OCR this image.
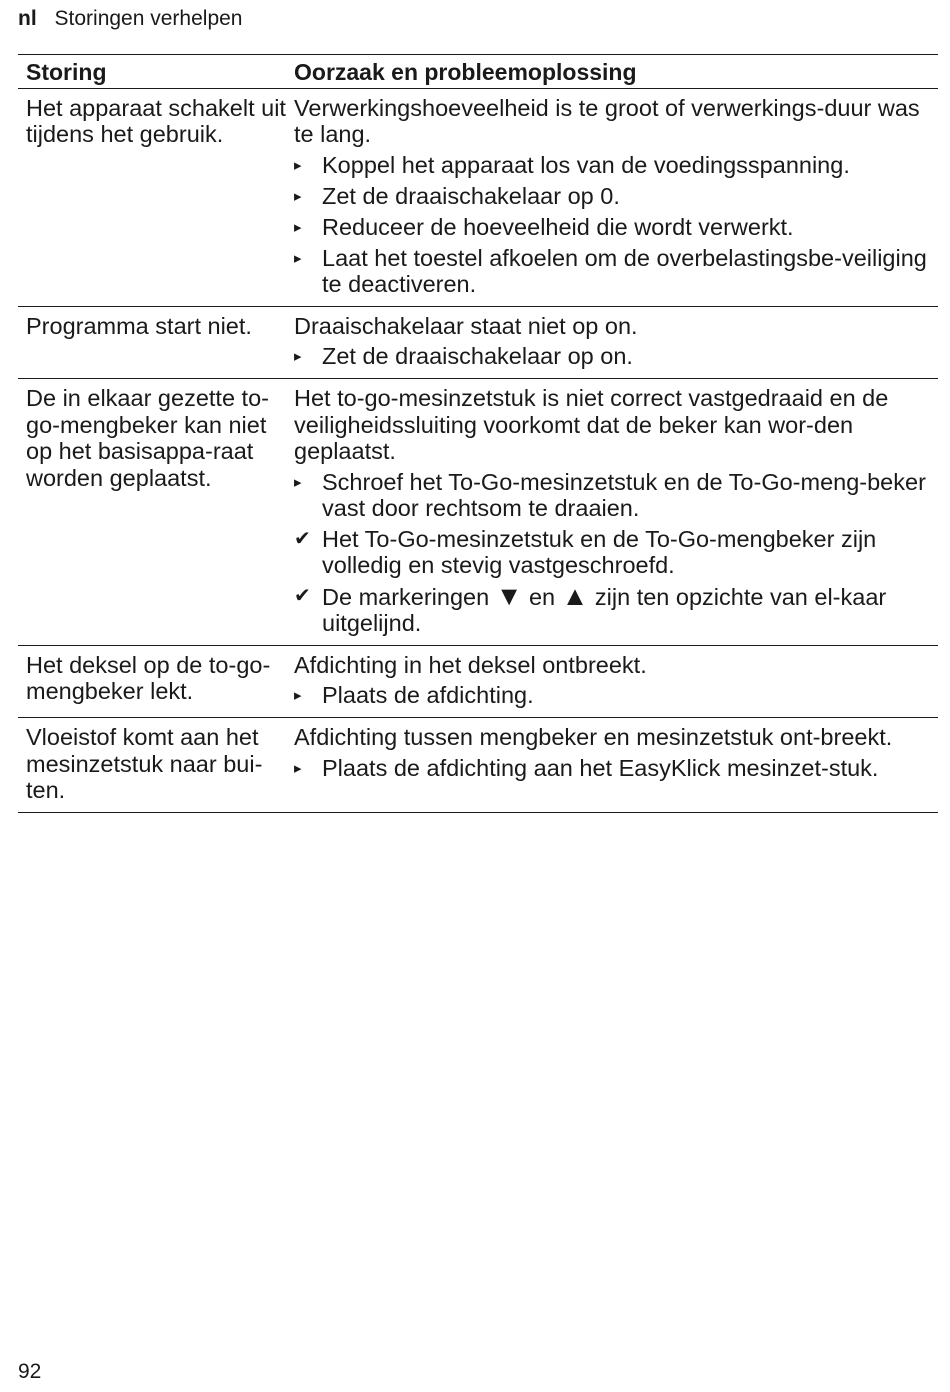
nl Storingen verhelpen
Storing	Oorzaak en probleemoplossing
Het apparaat schakelt uit tijdens het gebruik.
Verwerkingshoeveelheid is te groot of verwerkings-duur was te lang.
▸ Koppel het apparaat los van de voedingsspanning.
▸ Zet de draaischakelaar op 0.
▸ Reduceer de hoeveelheid die wordt verwerkt.
▸ Laat het toestel afkoelen om de overbelastingsbe-veiliging te deactiveren.
Programma start niet.	Draaischakelaar staat niet op on.
▸ Zet de draaischakelaar op on.
De in elkaar gezette to-go-mengbeker kan niet op het basisappa-raat worden geplaatst.
Het to-go-mesinzetstuk is niet correct vastgedraaid en de veiligheidssluiting voorkomt dat de beker kan wor-den geplaatst.
▸ Schroef het To-Go-mesinzetstuk en de To-Go-meng-beker vast door rechtsom te draaien.
✔ Het To-Go-mesinzetstuk en de To-Go-mengbeker zijn volledig en stevig vastgeschroefd.
✔ De markeringen ▼ en ▲ zijn ten opzichte van el-kaar uitgelijnd.
Het deksel op de to-go-mengbeker lekt.
Afdichting in het deksel ontbreekt.
▸ Plaats de afdichting.
Vloeistof komt aan het mesinzetstuk naar bui-ten.
Afdichting tussen mengbeker en mesinzetstuk ont-breekt.
▸ Plaats de afdichting aan het EasyKlick mesinzet-stuk.
92
